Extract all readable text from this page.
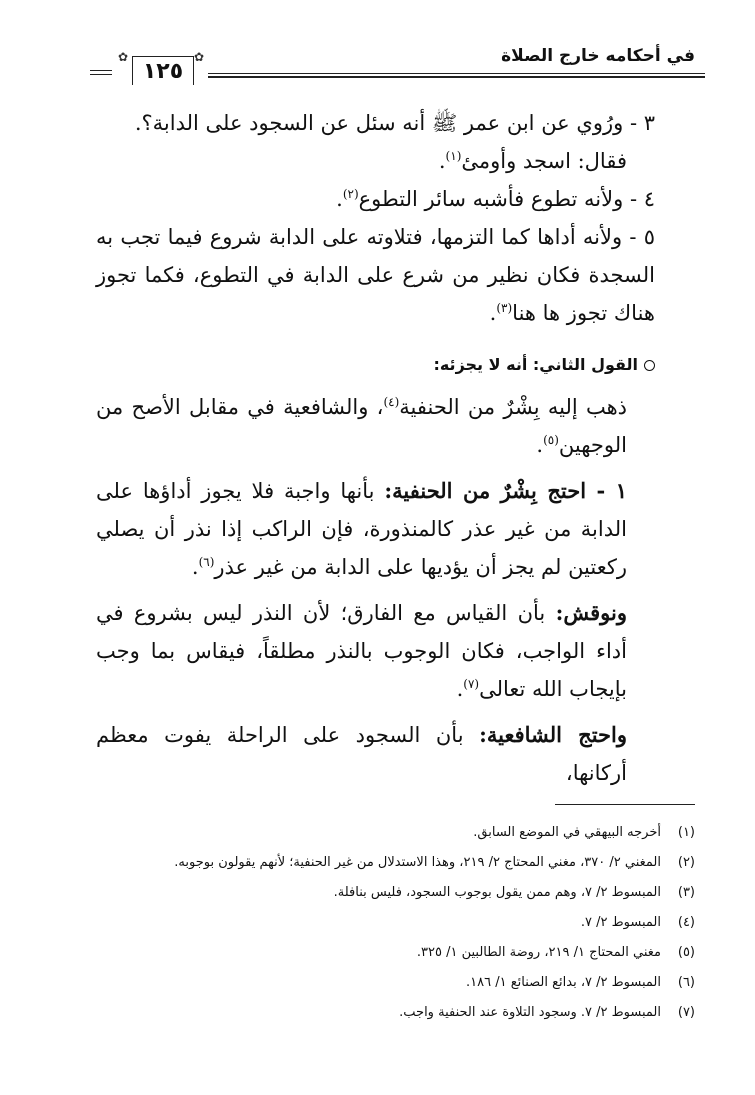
في أحكامه خارج الصلاة
✿
✿
١٢٥

٣ - ورُوي عن ابن عمر ﷺ أنه سئل عن السجود على الدابة؟.

فقال: اسجد وأومئ$^{(١)}$.

٤ - ولأنه تطوع فأشبه سائر التطوع$^{(٢)}$.

٥ - ولأنه أداها كما التزمها، فتلاوته على الدابة شروع فيما تجب به السجدة فكان نظير من شرع على الدابة في التطوع، فكما تجوز هناك تجوز ها هنا$^{(٣)}$.

القول الثاني: أنه لا يجزئه:

ذهب إليه بِشْرٌ من الحنفية$^{(٤)}$، والشافعية في مقابل الأصح من الوجهين$^{(٥)}$.

١ - احتج بِشْرٌ من الحنفية: بأنها واجبة فلا يجوز أداؤها على الدابة من غير عذر كالمنذورة، فإن الراكب إذا نذر أن يصلي ركعتين لم يجز أن يؤديها على الدابة من غير عذر$^{(٦)}$.

ونوقش: بأن القياس مع الفارق؛ لأن النذر ليس بشروع في أداء الواجب، فكان الوجوب بالنذر مطلقاً، فيقاس بما وجب بإيجاب الله تعالى$^{(٧)}$.

واحتج الشافعية: بأن السجود على الراحلة يفوت معظم أركانها،

(١)
أخرجه البيهقي في الموضع السابق.
(٢)
المغني ٢/ ٣٧٠، مغني المحتاج ٢/ ٢١٩، وهذا الاستدلال من غير الحنفية؛ لأنهم يقولون بوجوبه.
(٣)
المبسوط ٢/ ٧، وهم ممن يقول بوجوب السجود، فليس بنافلة.
(٤)
المبسوط ٢/ ٧.
(٥)
مغني المحتاج ١/ ٢١٩، روضة الطالبين ١/ ٣٢٥.
(٦)
المبسوط ٢/ ٧، بدائع الصنائع ١/ ١٨٦.
(٧)
المبسوط ٢/ ٧. وسجود التلاوة عند الحنفية واجب.
